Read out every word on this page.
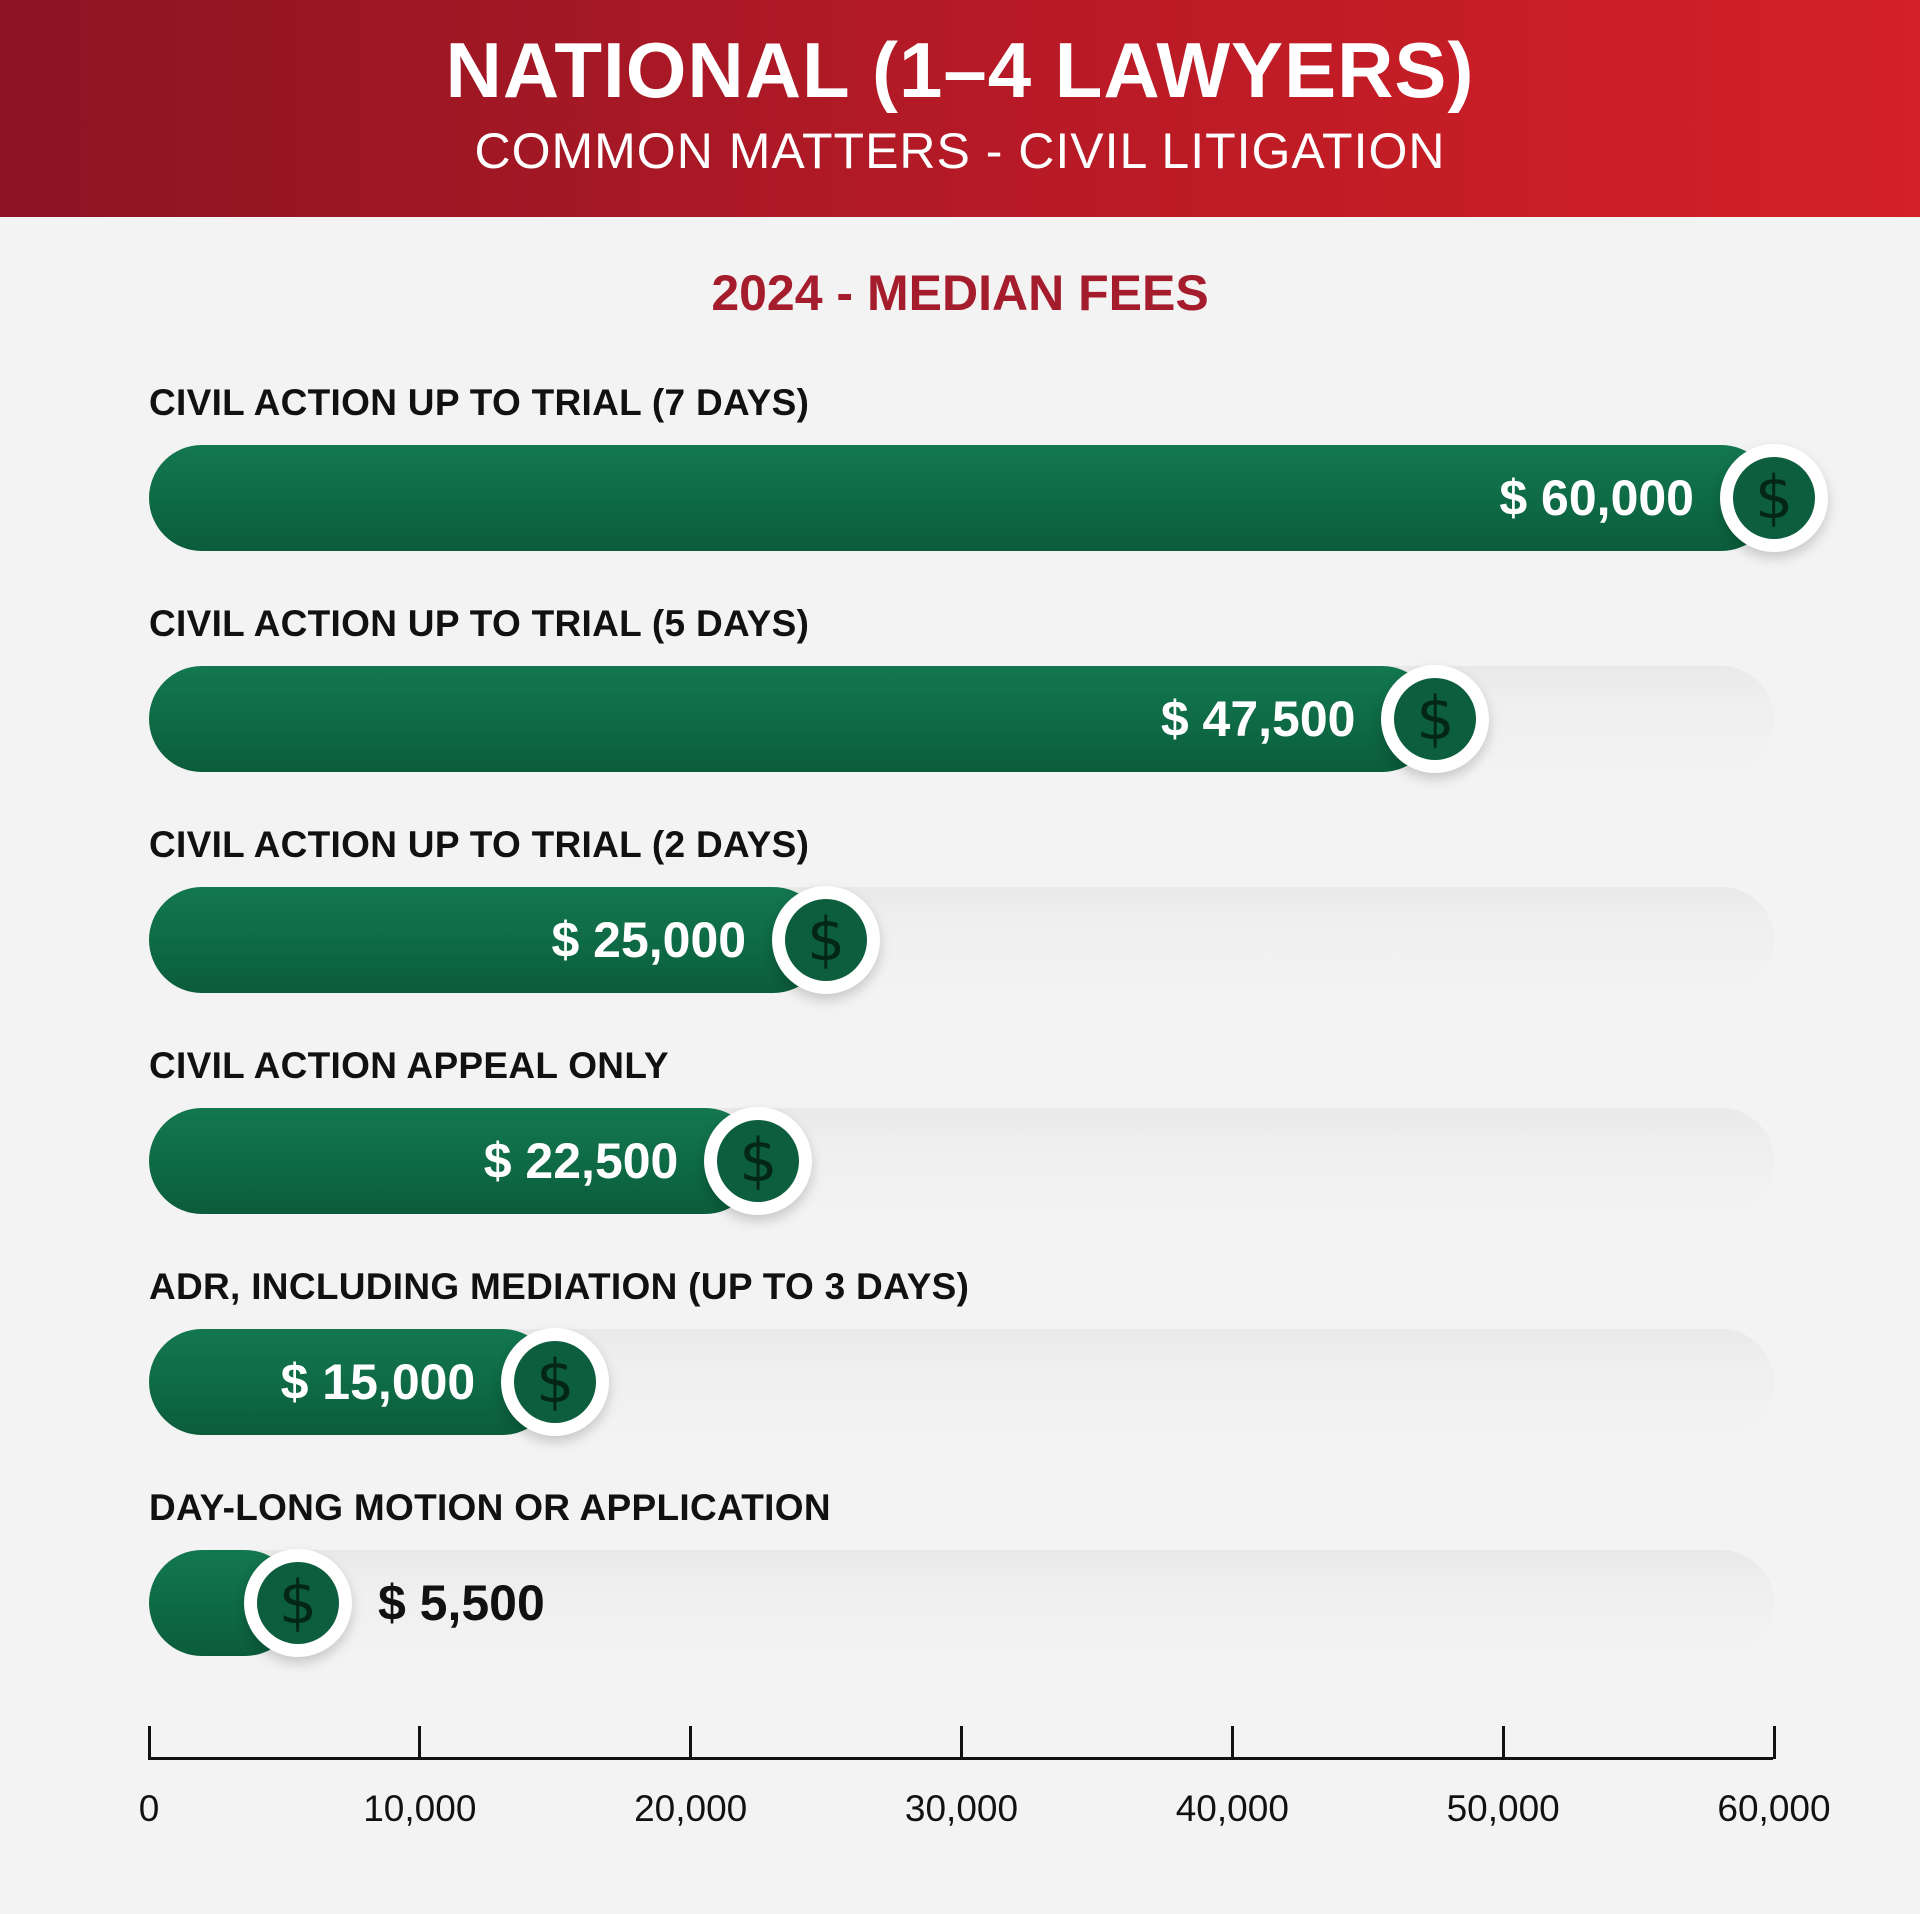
NATIONAL (1–4 LAWYERS)
COMMON MATTERS - CIVIL LITIGATION
2024 - MEDIAN FEES
CIVIL ACTION UP TO TRIAL (7 DAYS)
$
$ 60,000
CIVIL ACTION UP TO TRIAL (5 DAYS)
$
$ 47,500
CIVIL ACTION UP TO TRIAL (2 DAYS)
$
$ 25,000
CIVIL ACTION APPEAL ONLY
$
$ 22,500
ADR, INCLUDING MEDIATION (UP TO 3 DAYS)
$
$ 15,000
DAY-LONG MOTION OR APPLICATION
$	$ 5,500
0	10,000	20,000	30,000	40,000	50,000	60,000
